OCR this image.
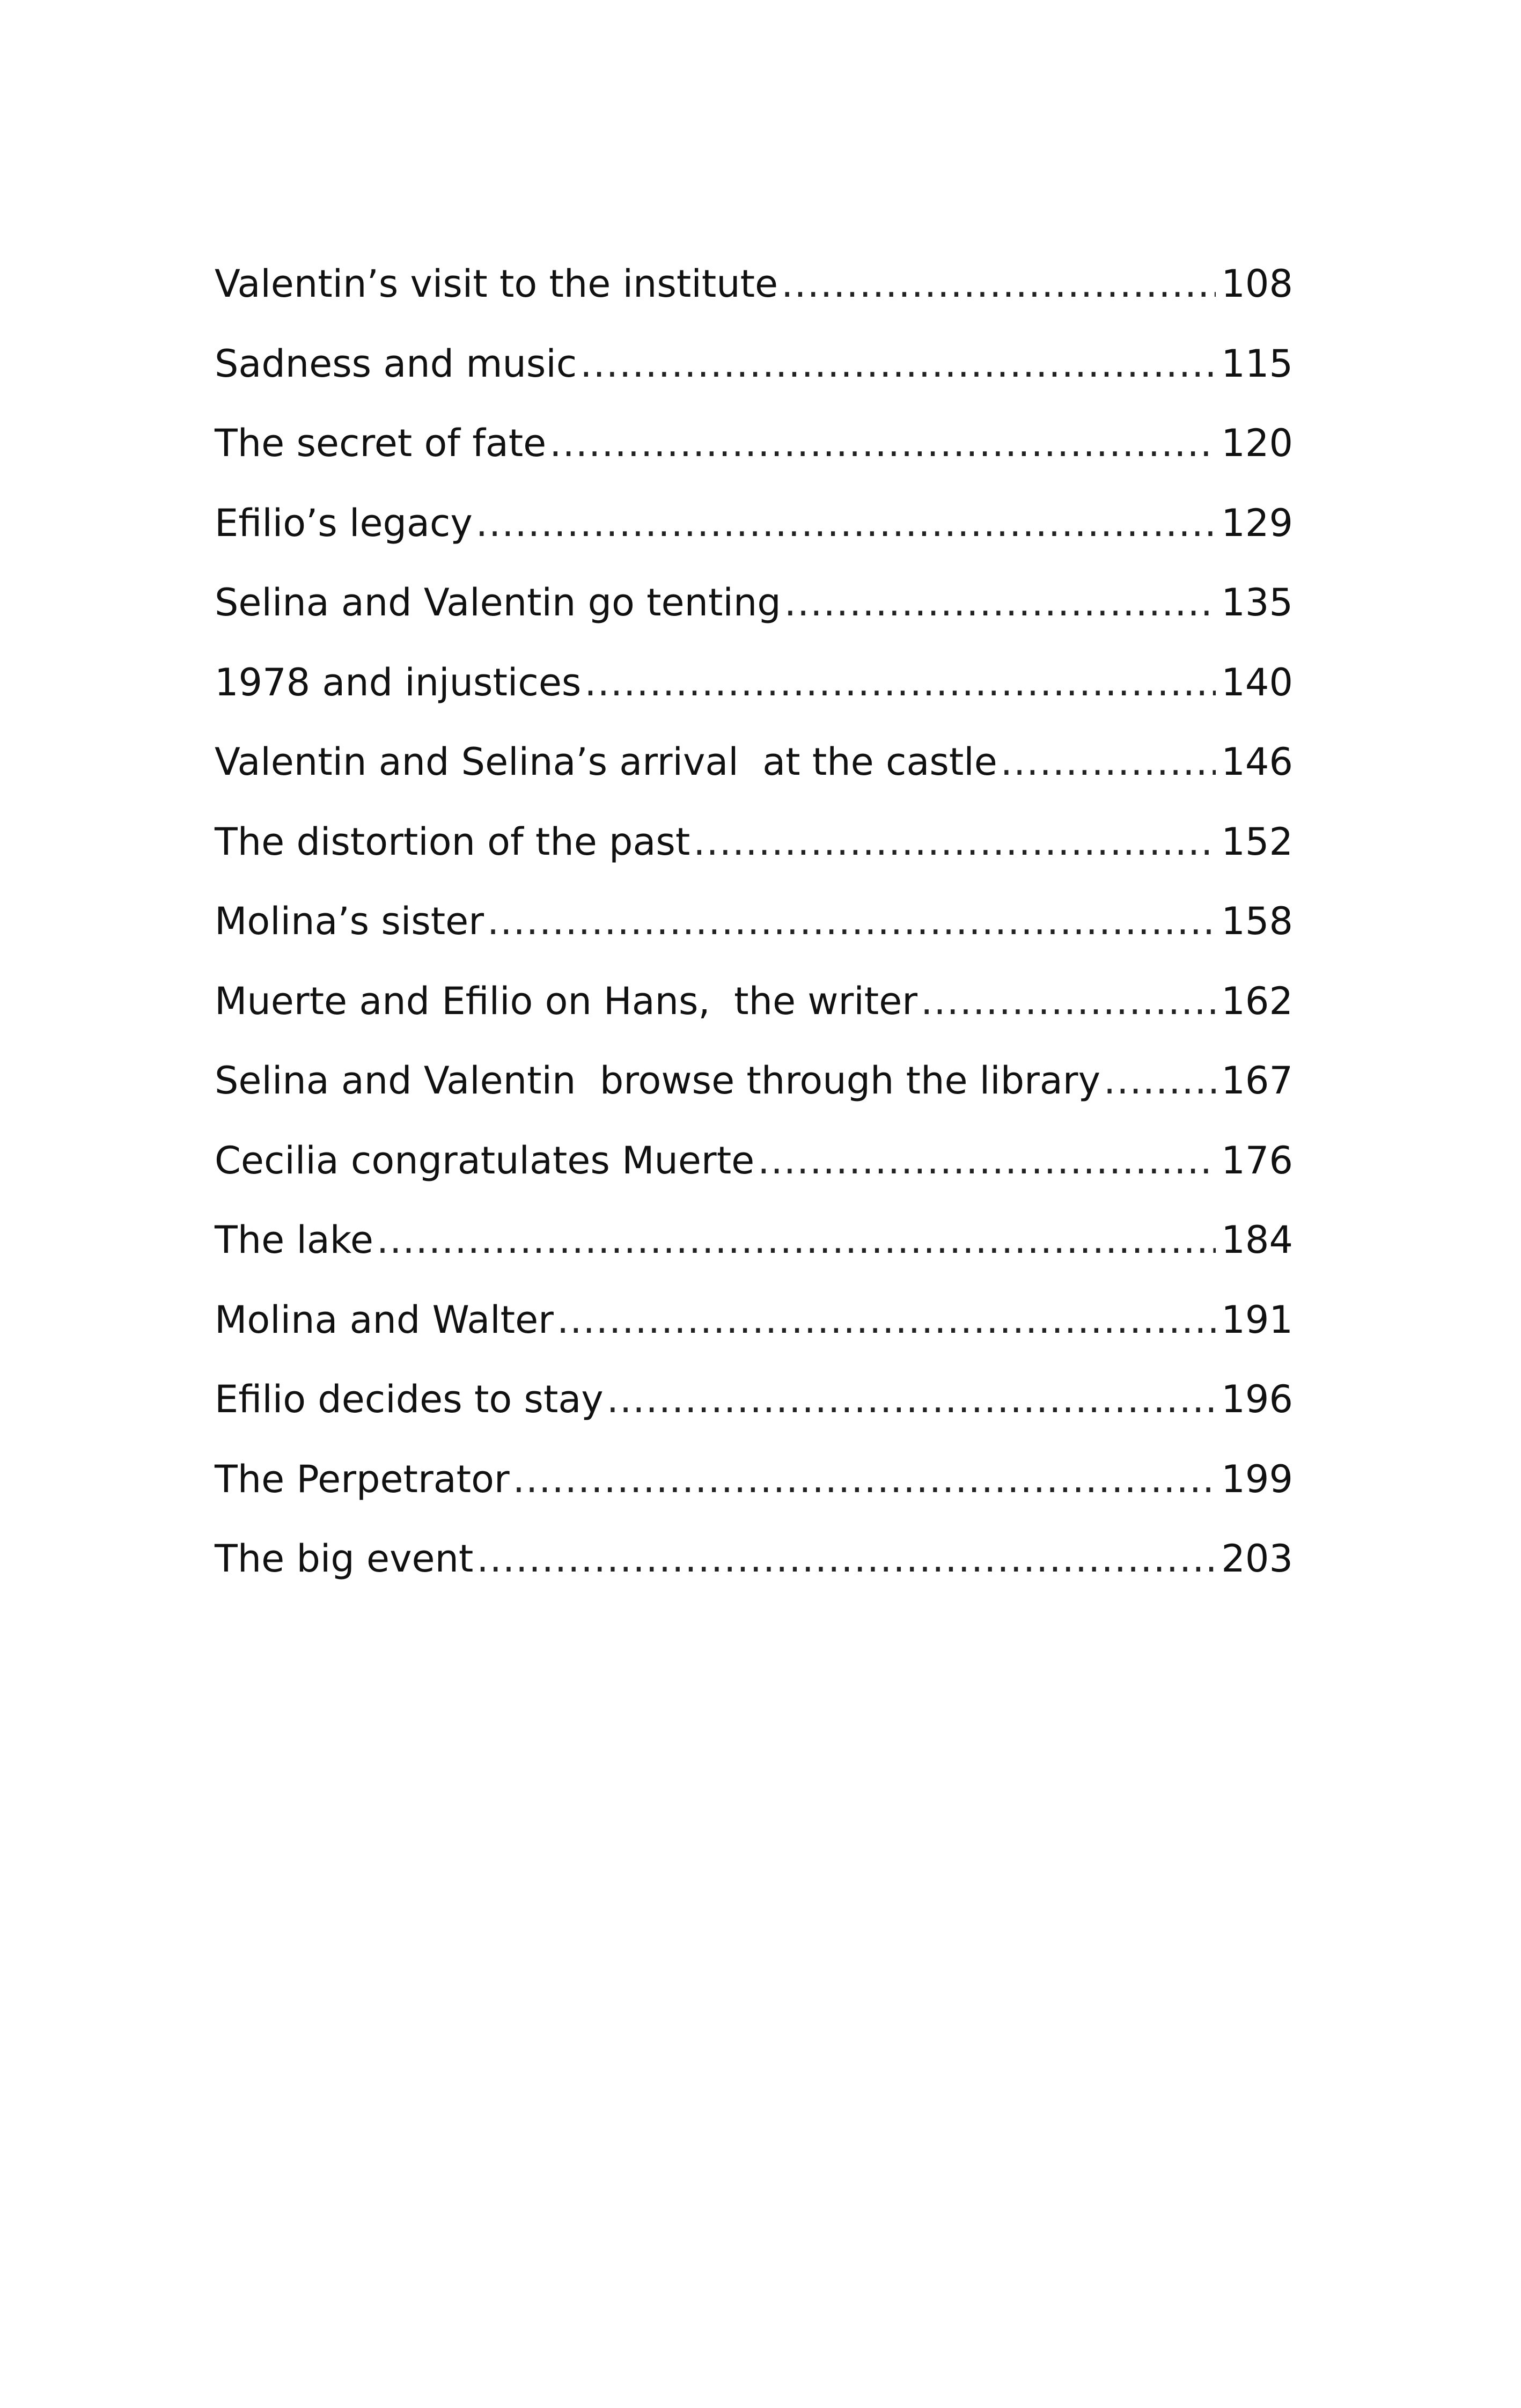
Valentin’s visit to the institute .....	108
Sadness and music .....	115
The secret of fate .....	120
Efilio’s legacy .....	129
Selina and Valentin go tenting .....	135
1978 and injustices .....	140
Valentin and Selina’s arrival  at the castle .....	146
The distortion of the past .....	152
Molina’s sister .....	158
Muerte and Efilio on Hans,  the writer .....	162
Selina and Valentin  browse through the library .....	167
Cecilia congratulates Muerte .....	176
The lake .....	184
Molina and Walter .....	191
Efilio decides to stay .....	196
The Perpetrator .....	199
The big event .....	203
